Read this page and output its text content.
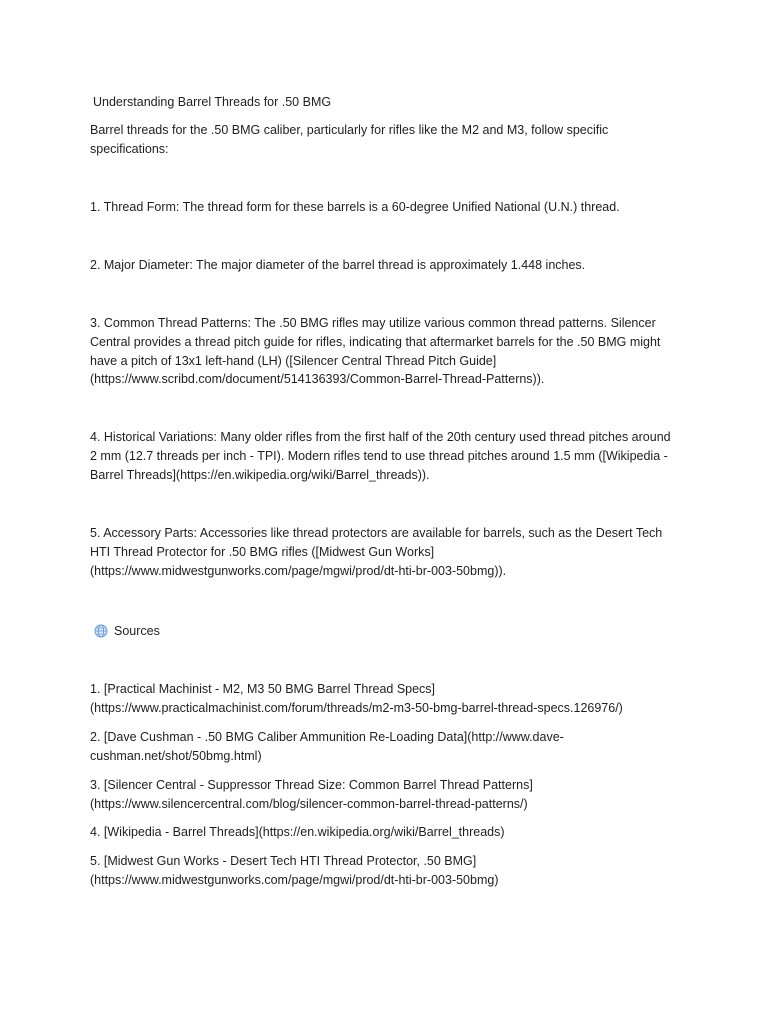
Understanding Barrel Threads for .50 BMG

Barrel threads for the .50 BMG caliber, particularly for rifles like the M2 and M3, follow specific specifications:

1. Thread Form: The thread form for these barrels is a 60-degree Unified National (U.N.) thread.

2. Major Diameter: The major diameter of the barrel thread is approximately 1.448 inches.

3. Common Thread Patterns: The .50 BMG rifles may utilize various common thread patterns. Silencer Central provides a thread pitch guide for rifles, indicating that aftermarket barrels for the .50 BMG might have a pitch of 13x1 left-hand (LH) ([Silencer Central Thread Pitch Guide](https://www.scribd.com/document/514136393/Common-Barrel-Thread-Patterns)).

4. Historical Variations: Many older rifles from the first half of the 20th century used thread pitches around 2 mm (12.7 threads per inch - TPI). Modern rifles tend to use thread pitches around 1.5 mm ([Wikipedia - Barrel Threads](https://en.wikipedia.org/wiki/Barrel_threads)).

5. Accessory Parts: Accessories like thread protectors are available for barrels, such as the Desert Tech HTI Thread Protector for .50 BMG rifles ([Midwest Gun Works](https://www.midwestgunworks.com/page/mgwi/prod/dt-hti-br-003-50bmg)).

Sources

1. [Practical Machinist - M2, M3 50 BMG Barrel Thread Specs](https://www.practicalmachinist.com/forum/threads/m2-m3-50-bmg-barrel-thread-specs.126976/)

2. [Dave Cushman - .50 BMG Caliber Ammunition Re-Loading Data](http://www.dave-cushman.net/shot/50bmg.html)

3. [Silencer Central - Suppressor Thread Size: Common Barrel Thread Patterns](https://www.silencercentral.com/blog/silencer-common-barrel-thread-patterns/)

4. [Wikipedia - Barrel Threads](https://en.wikipedia.org/wiki/Barrel_threads)

5. [Midwest Gun Works - Desert Tech HTI Thread Protector, .50 BMG](https://www.midwestgunworks.com/page/mgwi/prod/dt-hti-br-003-50bmg)
